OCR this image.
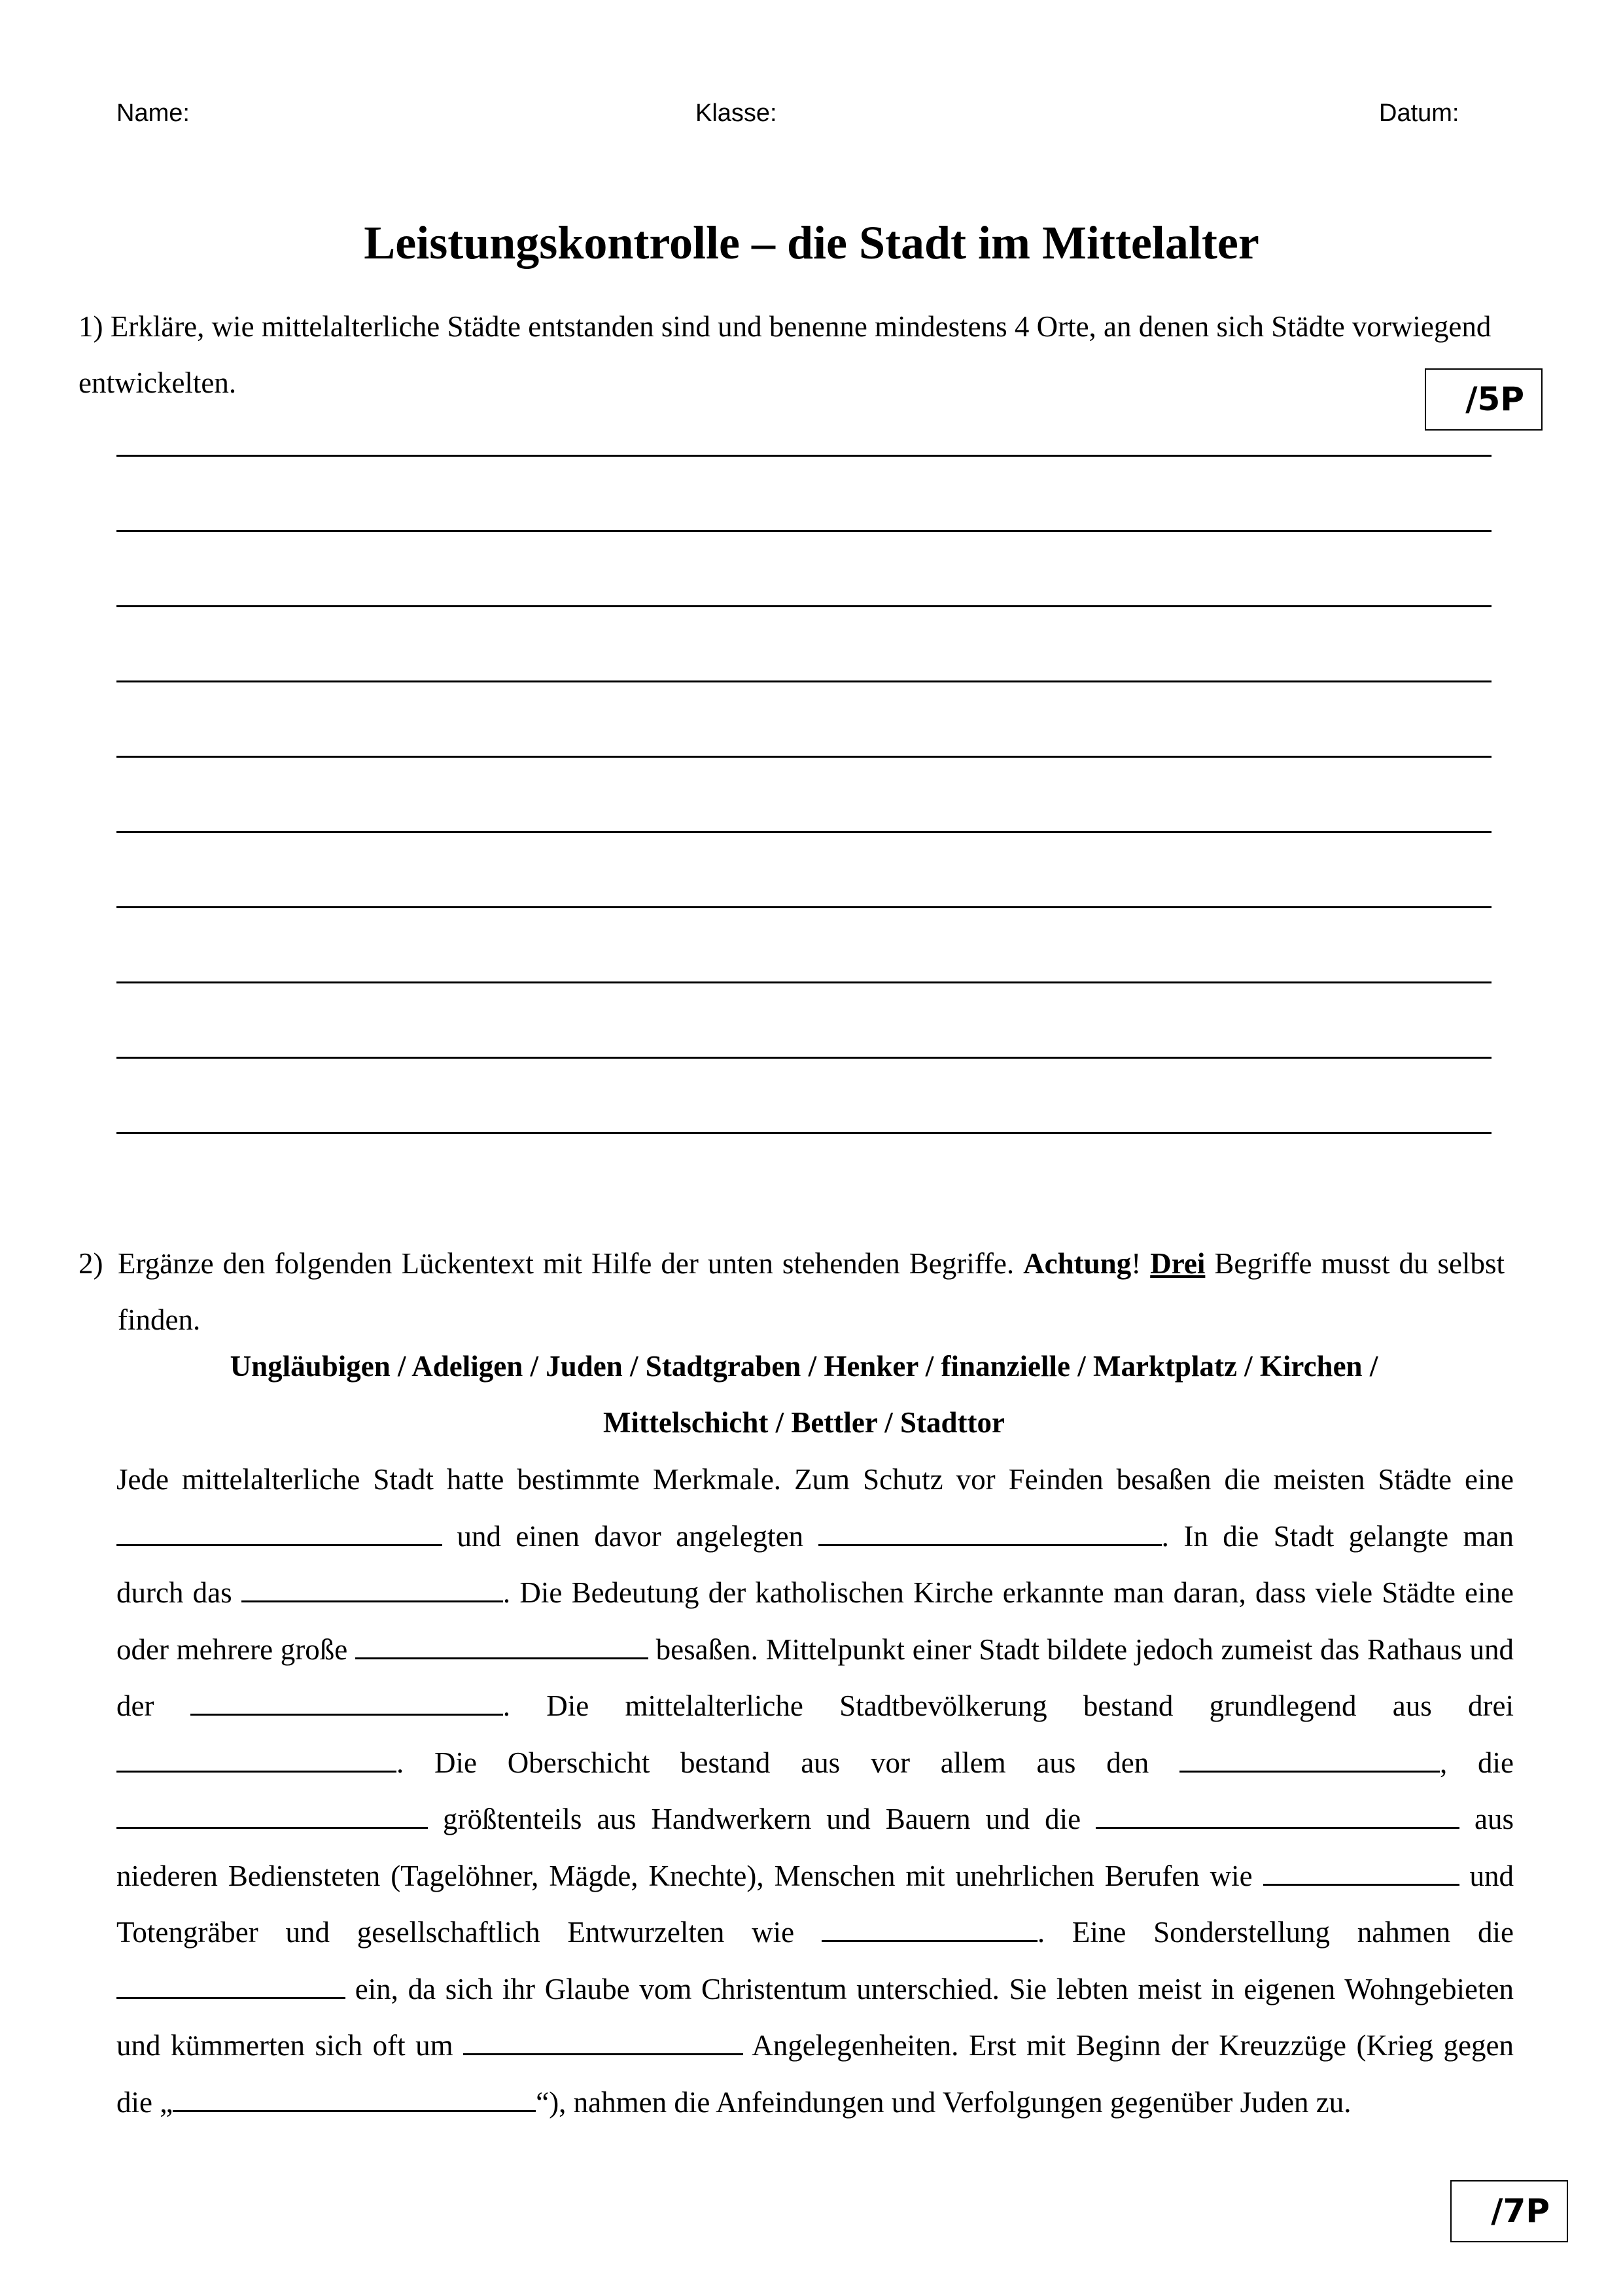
Name:	Klasse:	Datum:
Leistungskontrolle – die Stadt im Mittelalter
1) Erkläre, wie mittelalterliche Städte entstanden sind und benenne mindestens 4 Orte, an denen sich Städte vorwiegend entwickelten.	/5P
2) Ergänze den folgenden Lückentext mit Hilfe der unten stehenden Begriffe. Achtung! Drei Begriffe musst du selbst finden.
Ungläubigen / Adeligen / Juden / Stadtgraben / Henker / finanzielle / Marktplatz / Kirchen /
Mittelschicht / Bettler / Stadttor
Jede mittelalterliche Stadt hatte bestimmte Merkmale. Zum Schutz vor Feinden besaßen die meisten Städte eine  und einen davor angelegten	. In die Stadt gelangte man durch das	. Die Bedeutung der katholischen Kirche erkannte man daran, dass viele Städte eine oder mehrere große	besaßen. Mittelpunkt einer Stadt bildete jedoch zumeist das Rathaus und der	. Die mittelalterliche Stadtbevölkerung bestand grundlegend aus drei . Die Oberschicht bestand aus vor allem aus den	, die  größtenteils aus Handwerkern und Bauern und die	aus niederen Bediensteten (Tagelöhner, Mägde, Knechte), Menschen mit unehrlichen Berufen wie	und Totengräber und gesellschaftlich Entwurzelten wie	. Eine Sonderstellung nahmen die  ein, da sich ihr Glaube vom Christentum unterschied. Sie lebten meist in eigenen Wohngebieten und kümmerten sich oft um	Angelegenheiten. Erst mit Beginn der Kreuzzüge (Krieg gegen die „	“), nahmen die Anfeindungen und Verfolgungen gegenüber Juden zu.
/7P
